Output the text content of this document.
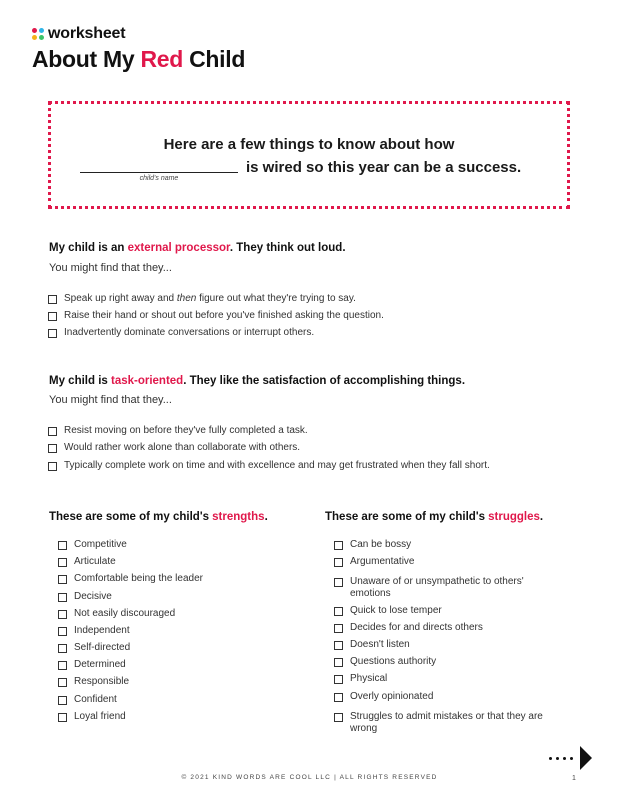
worksheet
About My Red Child
Here are a few things to know about how
child's name
is wired so this year can be a success.
My child is an external processor. They think out loud.
You might find that they...
Speak up right away and then figure out what they're trying to say.
Raise their hand or shout out before you've finished asking the question.
Inadvertently dominate conversations or interrupt others.
My child is task-oriented. They like the satisfaction of accomplishing things.
You might find that they...
Resist moving on before they've fully completed a task.
Would rather work alone than collaborate with others.
Typically complete work on time and with excellence and may get frustrated when they fall short.
These are some of my child's strengths.
Competitive
Articulate
Comfortable being the leader
Decisive
Not easily discouraged
Independent
Self-directed
Determined
Responsible
Confident
Loyal friend
These are some of my child's struggles.
Can be bossy
Argumentative
Unaware of or unsympathetic to others' emotions
Quick to lose temper
Decides for and directs others
Doesn't listen
Questions authority
Physical
Overly opinionated
Struggles to admit mistakes or that they are wrong
© 2021 KIND WORDS ARE COOL LLC | ALL RIGHTS RESERVED	1
